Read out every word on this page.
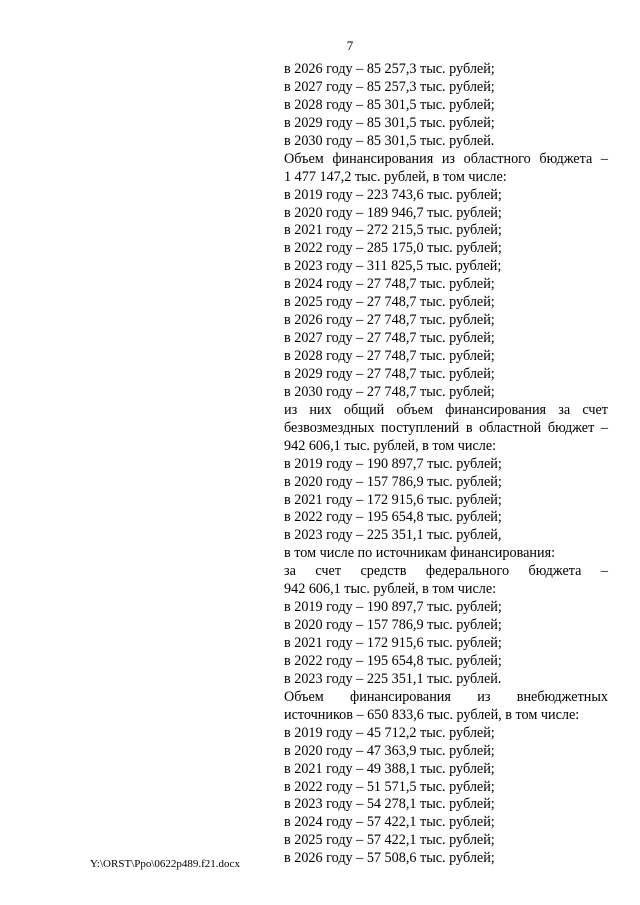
7
в 2026 году – 85 257,3 тыс. рублей;
в 2027 году – 85 257,3 тыс. рублей;
в 2028 году – 85 301,5 тыс. рублей;
в 2029 году – 85 301,5 тыс. рублей;
в 2030 году – 85 301,5 тыс. рублей.
Объем финансирования из областного бюджета –
1 477 147,2 тыс. рублей, в том числе:
в 2019 году – 223 743,6 тыс. рублей;
в 2020 году – 189 946,7 тыс. рублей;
в 2021 году – 272 215,5 тыс. рублей;
в 2022 году – 285 175,0 тыс. рублей;
в 2023 году – 311 825,5 тыс. рублей;
в 2024 году – 27 748,7 тыс. рублей;
в 2025 году – 27 748,7 тыс. рублей;
в 2026 году – 27 748,7 тыс. рублей;
в 2027 году – 27 748,7 тыс. рублей;
в 2028 году – 27 748,7 тыс. рублей;
в 2029 году – 27 748,7 тыс. рублей;
в 2030 году – 27 748,7 тыс. рублей;
из них общий объем финансирования за счет
безвозмездных поступлений в областной бюджет –
942 606,1 тыс. рублей, в том числе:
в 2019 году – 190 897,7 тыс. рублей;
в 2020 году – 157 786,9 тыс. рублей;
в 2021 году – 172 915,6 тыс. рублей;
в 2022 году – 195 654,8 тыс. рублей;
в 2023 году – 225 351,1 тыс. рублей,
в том числе по источникам финансирования:
за счет средств федерального бюджета –
942 606,1 тыс. рублей, в том числе:
в 2019 году – 190 897,7 тыс. рублей;
в 2020 году – 157 786,9 тыс. рублей;
в 2021 году – 172 915,6 тыс. рублей;
в 2022 году – 195 654,8 тыс. рублей;
в 2023 году – 225 351,1 тыс. рублей.
Объем финансирования из внебюджетных
источников – 650 833,6 тыс. рублей, в том числе:
в 2019 году – 45 712,2 тыс. рублей;
в 2020 году – 47 363,9 тыс. рублей;
в 2021 году – 49 388,1 тыс. рублей;
в 2022 году – 51 571,5 тыс. рублей;
в 2023 году – 54 278,1 тыс. рублей;
в 2024 году – 57 422,1 тыс. рублей;
в 2025 году – 57 422,1 тыс. рублей;
в 2026 году – 57 508,6 тыс. рублей;
Y:\ORST\Ppo\0622p489.f21.docx
